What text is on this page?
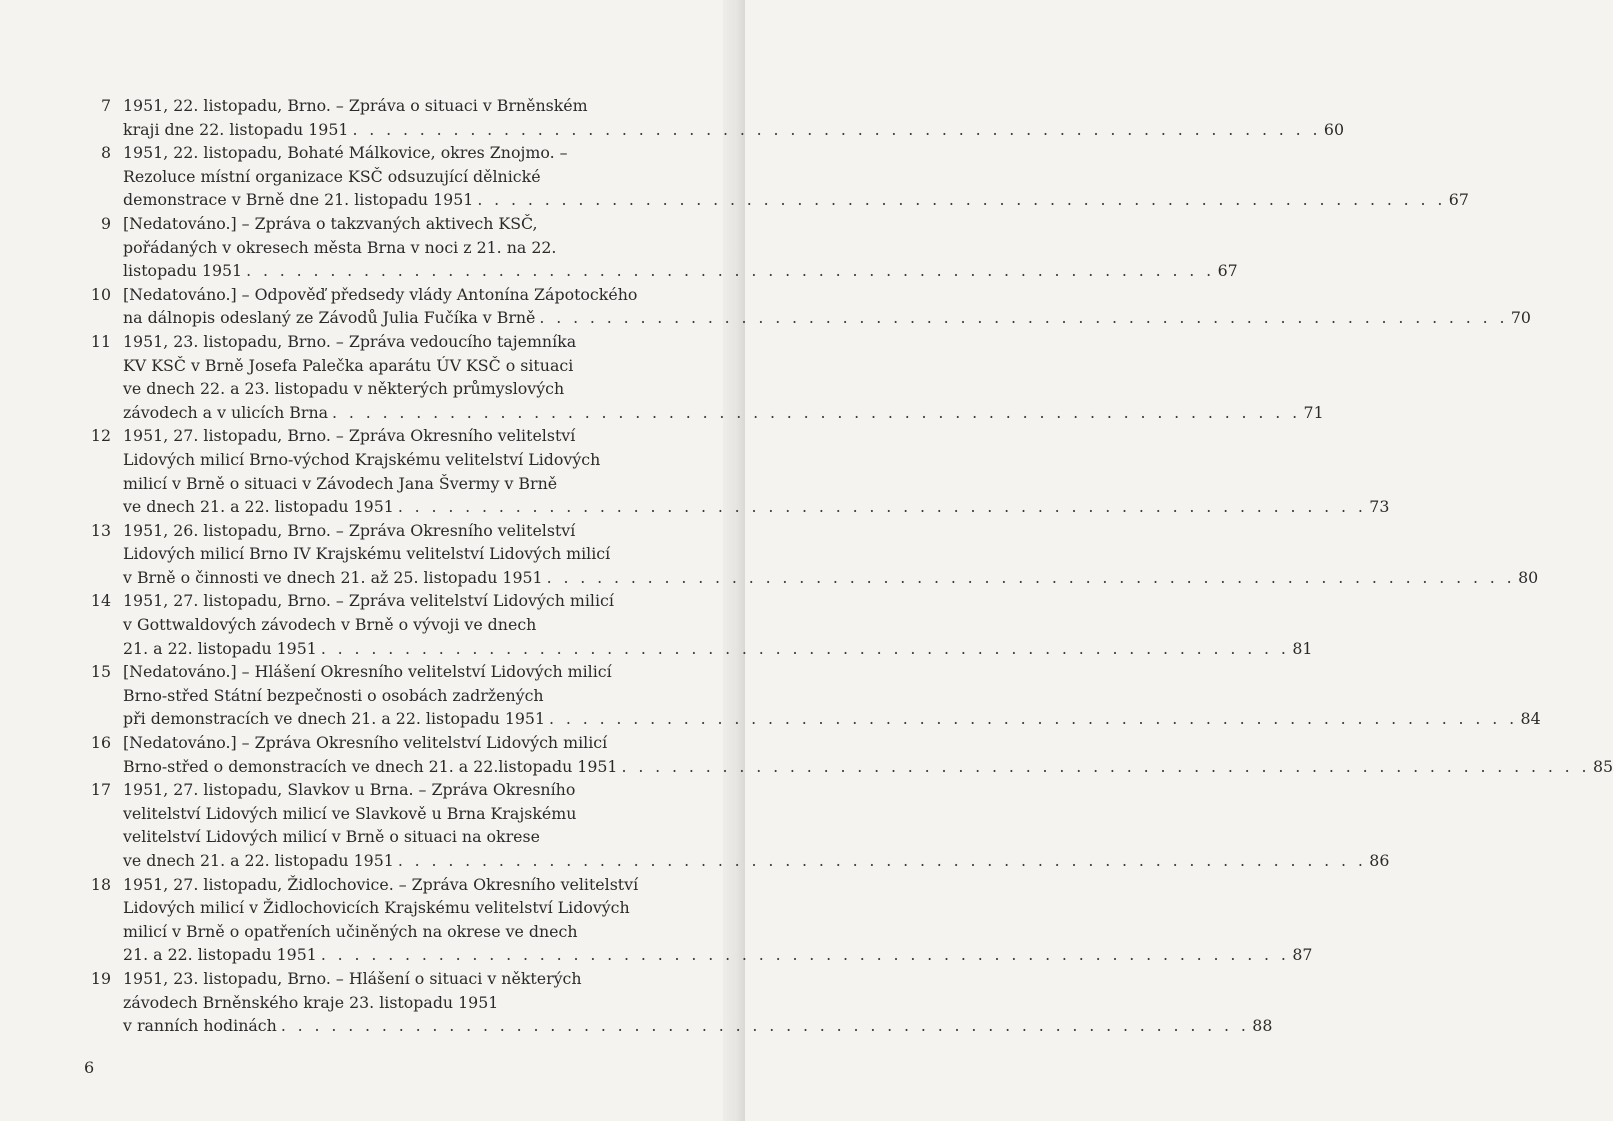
7 1951, 22. listopadu, Brno. – Zpráva o situaci v Brněnském
kraji dne 22. listopadu 1951 . . . . . . . . . . . . . . . . . . . . . . . . . . . . . . . . . . . . . . . . . . . . . . . . . . . . . . . . . . 60
8 1951, 22. listopadu, Bohaté Málkovice, okres Znojmo. –
Rezoluce místní organizace KSČ odsuzující dělnické
demonstrace v Brně dne 21. listopadu 1951 . . . . . . . . . . . . . . . . . . . . . . . . . . . . . . . . . . . . . . . . . . . . . . . . . . . . . . . . . . 67
9 [Nedatováno.] – Zpráva o takzvaných aktivech KSČ,
pořádaných v okresech města Brna v noci z 21. na 22.
listopadu 1951 . . . . . . . . . . . . . . . . . . . . . . . . . . . . . . . . . . . . . . . . . . . . . . . . . . . . . . . . . . 67
10 [Nedatováno.] – Odpověď předsedy vlády Antonína Zápotockého
na dálnopis odeslaný ze Závodů Julia Fučíka v Brně . . . . . . . . . . . . . . . . . . . . . . . . . . . . . . . . . . . . . . . . . . . . . . . . . . . . . . . . . . 70
11 1951, 23. listopadu, Brno. – Zpráva vedoucího tajemníka
KV KSČ v Brně Josefa Palečka aparátu ÚV KSČ o situaci
ve dnech 22. a 23. listopadu v některých průmyslových
závodech a v ulicích Brna . . . . . . . . . . . . . . . . . . . . . . . . . . . . . . . . . . . . . . . . . . . . . . . . . . . . . . . . . . 71
12 1951, 27. listopadu, Brno. – Zpráva Okresního velitelství
Lidových milicí Brno-východ Krajskému velitelství Lidových
milicí v Brně o situaci v Závodech Jana Švermy v Brně
ve dnech 21. a 22. listopadu 1951 . . . . . . . . . . . . . . . . . . . . . . . . . . . . . . . . . . . . . . . . . . . . . . . . . . . . . . . . . . 73
13 1951, 26. listopadu, Brno. – Zpráva Okresního velitelství
Lidových milicí Brno IV Krajskému velitelství Lidových milicí
v Brně o činnosti ve dnech 21. až 25. listopadu 1951 . . . . . . . . . . . . . . . . . . . . . . . . . . . . . . . . . . . . . . . . . . . . . . . . . . . . . . . . . . 80
14 1951, 27. listopadu, Brno. – Zpráva velitelství Lidových milicí
v Gottwaldových závodech v Brně o vývoji ve dnech
21. a 22. listopadu 1951 . . . . . . . . . . . . . . . . . . . . . . . . . . . . . . . . . . . . . . . . . . . . . . . . . . . . . . . . . . 81
15 [Nedatováno.] – Hlášení Okresního velitelství Lidových milicí
Brno-střed Státní bezpečnosti o osobách zadržených
při demonstracích ve dnech 21. a 22. listopadu 1951 . . . . . . . . . . . . . . . . . . . . . . . . . . . . . . . . . . . . . . . . . . . . . . . . . . . . . . . . . . 84
16 [Nedatováno.] – Zpráva Okresního velitelství Lidových milicí
Brno-střed o demonstracích ve dnech 21. a 22.listopadu 1951 . . . . . . . . . . . . . . . . . . . . . . . . . . . . . . . . . . . . . . . . . . . . . . . . . . . . . . . . . . 85
17 1951, 27. listopadu, Slavkov u Brna. – Zpráva Okresního
velitelství Lidových milicí ve Slavkově u Brna Krajskému
velitelství Lidových milicí v Brně o situaci na okrese
ve dnech 21. a 22. listopadu 1951 . . . . . . . . . . . . . . . . . . . . . . . . . . . . . . . . . . . . . . . . . . . . . . . . . . . . . . . . . . 86
18 1951, 27. listopadu, Židlochovice. – Zpráva Okresního velitelství
Lidových milicí v Židlochovicích Krajskému velitelství Lidových
milicí v Brně o opatřeních učiněných na okrese ve dnech
21. a 22. listopadu 1951 . . . . . . . . . . . . . . . . . . . . . . . . . . . . . . . . . . . . . . . . . . . . . . . . . . . . . . . . . . 87
19 1951, 23. listopadu, Brno. – Hlášení o situaci v některých
závodech Brněnského kraje 23. listopadu 1951
v ranních hodinách . . . . . . . . . . . . . . . . . . . . . . . . . . . . . . . . . . . . . . . . . . . . . . . . . . . . . . . . . . 88
6
